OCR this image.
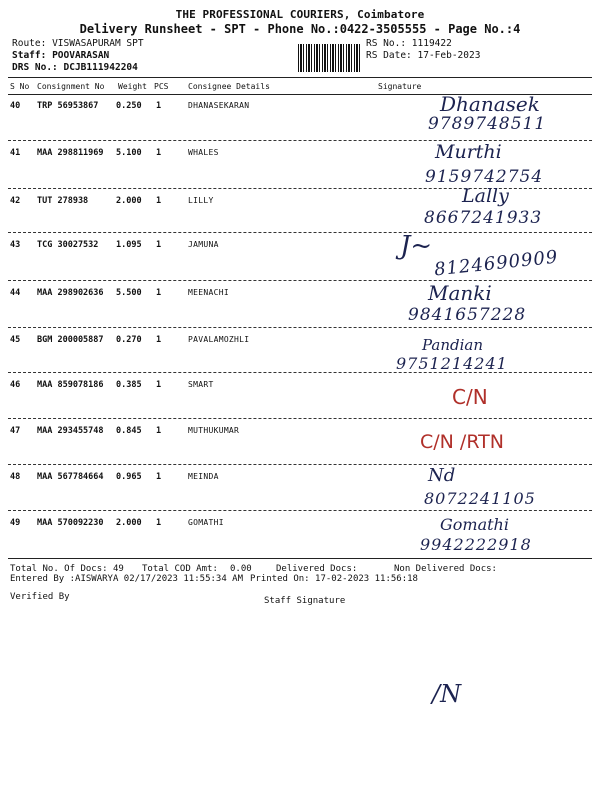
THE PROFESSIONAL COURIERS, Coimbatore
Delivery Runsheet - SPT - Phone No.:0422-3505555 - Page No.:4
Route: VISWASAPURAM SPT
Staff: POOVARASAN
DRS No.: DCJB111942204
RS No.: 1119422
RS Date: 17-Feb-2023
S No Consignment No Weight PCS Consignee Details	Signature
40 TRP 56953867 0.250 1	DHANASEKARAN	Dhanasek
9789748511
41 MAA 298811969 5.100 1	WHALES	Murthi
9159742754
42 TUT 278938	2.000 1	LILLY	Lally
8667241933
43 TCG 30027532 1.095 1	JAMUNA	J~
8124690909
44 MAA 298902636 5.500 1	MEENACHI	Manki
9841657228
45 BGM 200005887 0.270 1	PAVALAMOZHLI	Pandian
9751214241
46 MAA 859078186 0.385 1	SMART
C/N
47 MAA 293455748 0.845 1	MUTHUKUMAR
C/N /RTN
48 MAA 567784664 0.965 1	MEINDA	Nd
8072241105
49 MAA 570092230 2.000 1	GOMATHI	Gomathi
9942222918
Total No. Of Docs: 49 Total COD Amt: 0.00	Delivered Docs:	Non Delivered Docs:
Entered By :AISWARYA 02/17/2023 11:55:34 AM Printed On: 17-02-2023 11:56:18
Verified By	Staff Signature
/N
